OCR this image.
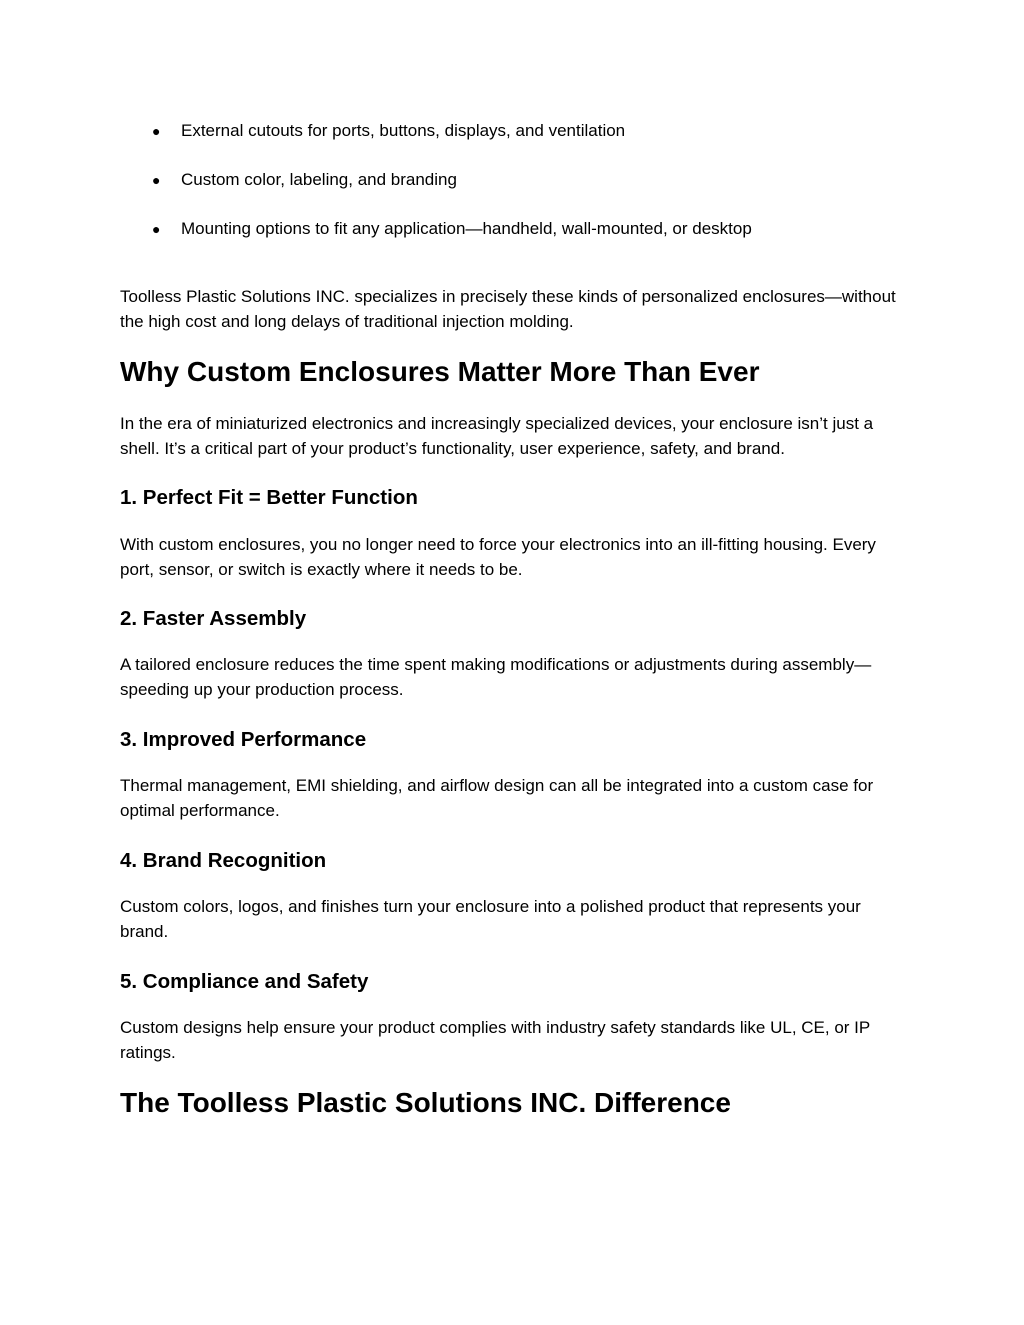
● External cutouts for ports, buttons, displays, and ventilation
● Custom color, labeling, and branding
● Mounting options to fit any application—handheld, wall-mounted, or desktop

Toolless Plastic Solutions INC. specializes in precisely these kinds of personalized enclosures—without the high cost and long delays of traditional injection molding.

Why Custom Enclosures Matter More Than Ever

In the era of miniaturized electronics and increasingly specialized devices, your enclosure isn’t just a shell. It’s a critical part of your product’s functionality, user experience, safety, and brand.

1. Perfect Fit = Better Function

With custom enclosures, you no longer need to force your electronics into an ill-fitting housing. Every port, sensor, or switch is exactly where it needs to be.

2. Faster Assembly

A tailored enclosure reduces the time spent making modifications or adjustments during assembly—speeding up your production process.

3. Improved Performance

Thermal management, EMI shielding, and airflow design can all be integrated into a custom case for optimal performance.

4. Brand Recognition

Custom colors, logos, and finishes turn your enclosure into a polished product that represents your brand.

5. Compliance and Safety

Custom designs help ensure your product complies with industry safety standards like UL, CE, or IP ratings.

The Toolless Plastic Solutions INC. Difference
